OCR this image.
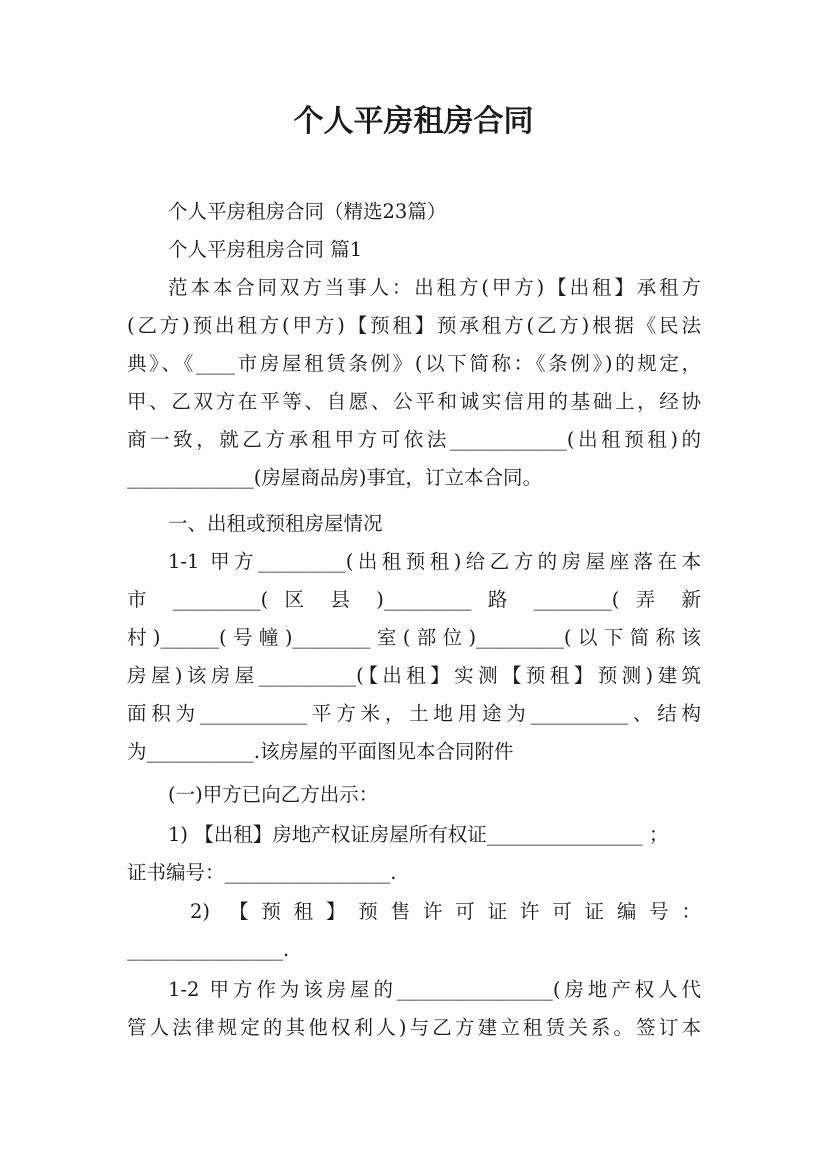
个人平房租房合同
个人平房租房合同（精选23篇）
个人平房租房合同 篇1
范本本合同双方当事人：出租方(甲方)【出租】承租方
(乙方)预出租方(甲方)【预租】预承租方(乙方)根据《民法
典》、《____市房屋租赁条例》(以下简称：《条例》)的规定，
甲、乙双方在平等、自愿、公平和诚实信用的基础上，经协
商一致，就乙方承租甲方可依法____________(出租预租)的
_____________(房屋商品房)事宜，订立本合同。
一、出租或预租房屋情况
1-1 甲方_________(出租预租)给乙方的房屋座落在本
市 _________( 区 县 )_________ 路 ________( 弄 新
村)______(号幢)________室(部位)_________(以下简称该
房屋)该房屋__________(【出租】实测【预租】预测)建筑
面积为___________平方米，土地用途为__________、结构
为___________.该房屋的平面图见本合同附件
(一)甲方已向乙方出示：
1) 【出租】房地产权证房屋所有权证________________ ；
证书编号：_________________.
2) 【预租】预售许可证许可证编号：
________________.
1-2 甲方作为该房屋的________________(房地产权人代
管人法律规定的其他权利人)与乙方建立租赁关系。签订本
